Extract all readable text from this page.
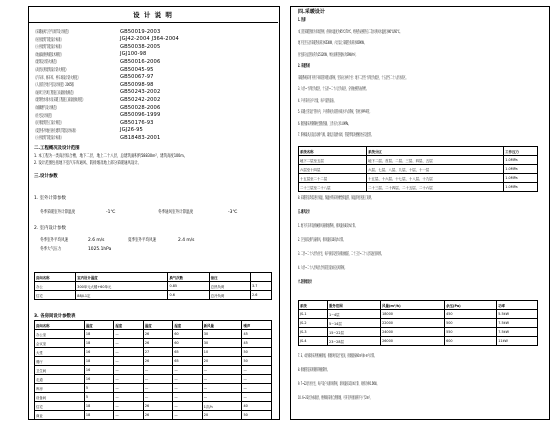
设 计 说 明
《采暖通风与空气调节设计规范》	GB50019-2003
《居住建筑节能设计标准》	JGJ42-2004 J364-2004
《公共建筑节能设计标准》	GB50038-2005
《地面辐射供暖技术规程》	JGJ100-98
《建筑设计防火规范》	GB50016-2006
《高层民用建筑设计防火规范》	GB50045-95
《汽车库、修车库、停车场设计防火规范》	GB50067-97
《人民防空地下室设计规范》2005版	GB50098-98
《通风与空调工程施工质量验收规范》	GB50243-2002
《建筑给水排水及采暖工程施工质量验收规范》	GB50242-2002
《城镇燃气设计规范》	GB50028-2006
《住宅设计规范》	GB50096-1999
《民用建筑热工设计规范》	GB50176-93
《夏热冬冷地区居住建筑节能设计标准》	JGJ26-95
《公共建筑节能设计标准》	GB18483-2001
二.工程概况及设计范围
1. 本工程为一类高层综合楼，地下二层，地上二十八层，总建筑面积约58830m²，建筑高度100m。
2. 设计范围包括地下室汽车库通风、防排烟及地上部分采暖通风设计。
三.设计参数
1. 室外计算参数
冬季采暖室外计算温度	-1℃	冬季通风室外计算温度	-3℃
2. 室内设计参数
冬季室外平均风速	2.6 m/s	夏季室外平均风速	2.4 m/s
冬季大气压力	1025.1hPa
房间名称	室内设计温度	换气次数	备注	
办公	300单元大楼+60单元	0.85	总热负荷	3.7
住宅	88JI-1定	0.6	总冷负荷	2.6
3. 各房间设计参数表
房间名称	温度	湿度	温度	湿度	新风量	噪声
办公室	18	—	26	60	30	45
会议室	18	—	26	60	30	45
大堂	16	—	27	65	10	50
餐厅	18	—	26	65	20	50
卫生间	16	—	—	—	—	—
走道	16	—	—	—	—	—
库房	5	—	—	—	—	—
设备间	5	—	—	—	—	—
住宅	18	—	26	—	1次/h	40
商业	18	—	26	—	20	50
四.采暖设计
1. 热源
本工程采暖热源为市政热网，供回水温度为95℃/70℃，经换热站换热后二次水供回水温度为80℃/60℃。
地下室至五层采暖热负荷为653KW，六层以上采暖热负荷为859KW。
住宅部分总热负荷为1512KW，单位面积热指标为59W/m²。
2. 采暖系统
采暖系统采用下供下回双管同程式系统，竖向分为两个区：地下二层至十四层为低区，十五层至二十八层为高区。
3. 六层~十四层为低区，十五层~二十八层为高区，分别由换热站供给。
4. 户内采用分户计量，每户设热量表。
5. 采暖立管设于管井内，户内系统为双管并联水平式系统，管材为PP-R管。
6. 散热器采用钢制柱型散热器，工作压力为1.0MPa。
7. 系统最高点设自动排气阀，最低点设泄水阀，管道穿墙及楼板处应设套管。
系统名称	系统分区	工作压力
地下二层至五层	地下二层、首层、二层、三层、四层、五层	1.0MPa
六层至十四层	六层、七层、八层、九层、十层、十一层	1.0MPa
十五层至二十二层	十五层、十六层、十七层、十八层、十九层	1.0MPa
二十三层至二十八层	二十三层、二十四层、二十五层、二十六层	1.0MPa
8. 采暖管道均需进行保温，保温材料采用橡塑保温管，保温厚度见施工说明。
五.通风设计
1. 地下汽车库设机械排风兼排烟系统，排风量按6次/h计算。
2. 卫生间设排气扇排风，排风量按10次/h计算。
3. 二层~二十六层为住宅，每户厨房设竖向排油烟道，二十三层~二十八层设屋顶风机。
4. 六层~二十八层每层合用前室设加压送风系统。
六.防排烟设计
系统	服务范围	风量(m³/h)	余压(Pa)	功率
JS-1	1~4层	18000	450	5.5kW
JS-2	5~14层	22000	500	7.5kW
JS-3	15~22层	24000	550	7.5kW
JS-4	23~28层	26000	600	11kW
7. 3、4层商场采用机械排烟，排烟风机设于屋顶，排烟量按60m³/(h·m²)计算。
8. 排烟管道采用镀锌钢板制作。
9. 7~22层为住宅，每户设户式排风系统，新风量按1次/h计算，风机功率0.5KW。
10. 6~23层为标准层，楼梯间采用自然排烟，可开启外窗面积不小于2m²。
